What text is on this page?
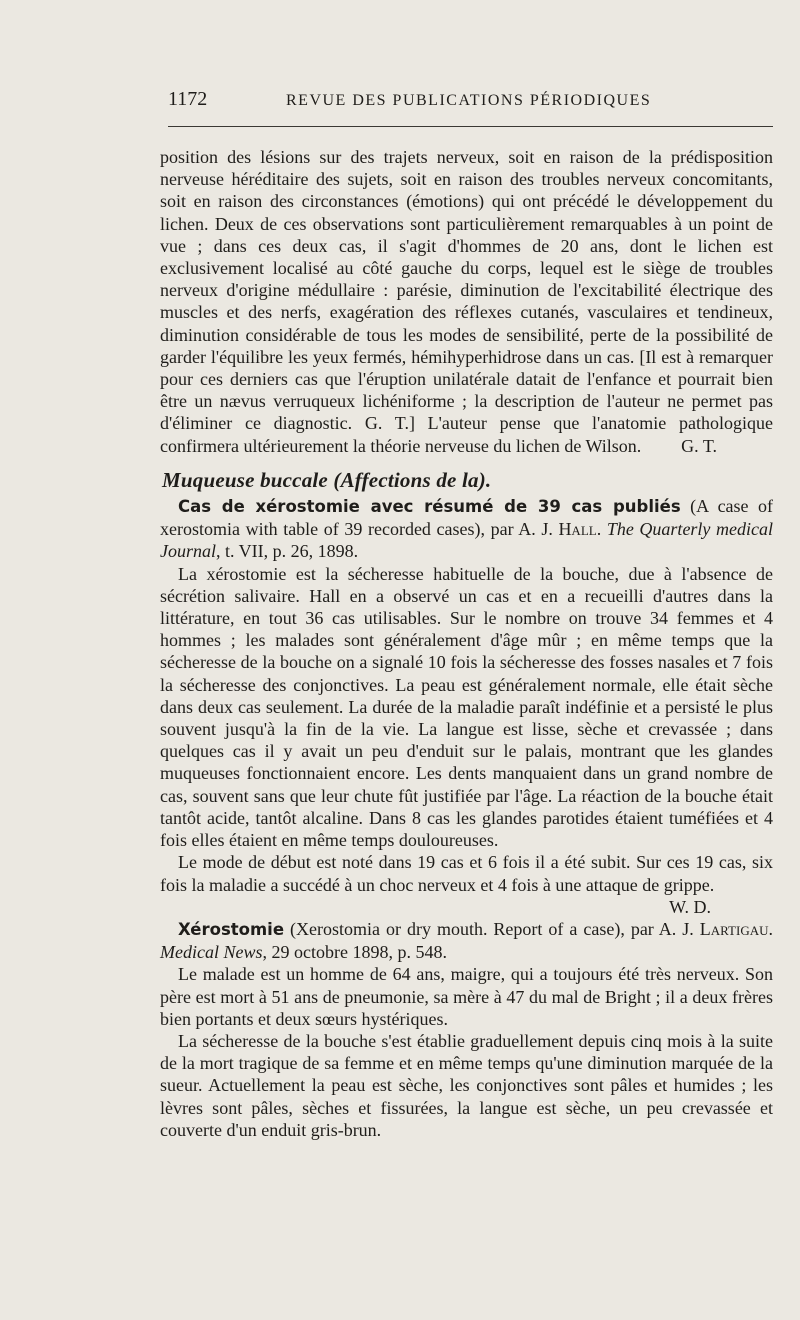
1172	REVUE DES PUBLICATIONS PÉRIODIQUES

position des lésions sur des trajets nerveux, soit en raison de la prédisposition nerveuse héréditaire des sujets, soit en raison des troubles nerveux concomitants, soit en raison des circonstances (émotions) qui ont précédé le développement du lichen. Deux de ces observations sont particulièrement remarquables à un point de vue ; dans ces deux cas, il s'agit d'hommes de 20 ans, dont le lichen est exclusivement localisé au côté gauche du corps, lequel est le siège de troubles nerveux d'origine médullaire : parésie, diminution de l'excitabilité électrique des muscles et des nerfs, exagération des réflexes cutanés, vasculaires et tendineux, diminution considérable de tous les modes de sensibilité, perte de la possibilité de garder l'équilibre les yeux fermés, hémihyperhidrose dans un cas. [Il est à remarquer pour ces derniers cas que l'éruption unilatérale datait de l'enfance et pourrait bien être un nævus verruqueux lichéniforme ; la description de l'auteur ne permet pas d'éliminer ce diagnostic. G. T.] L'auteur pense que l'anatomie pathologique confirmera ultérieurement la théorie nerveuse du lichen de Wilson. G. T.

Muqueuse buccale (Affections de la).

Cas de xérostomie avec résumé de 39 cas publiés (A case of xerostomia with table of 39 recorded cases), par A. J. Hall. The Quarterly medical Journal, t. VII, p. 26, 1898.

La xérostomie est la sécheresse habituelle de la bouche, due à l'absence de sécrétion salivaire. Hall en a observé un cas et en a recueilli d'autres dans la littérature, en tout 36 cas utilisables. Sur le nombre on trouve 34 femmes et 4 hommes ; les malades sont généralement d'âge mûr ; en même temps que la sécheresse de la bouche on a signalé 10 fois la sécheresse des fosses nasales et 7 fois la sécheresse des conjonctives. La peau est généralement normale, elle était sèche dans deux cas seulement. La durée de la maladie paraît indéfinie et a persisté le plus souvent jusqu'à la fin de la vie. La langue est lisse, sèche et crevassée ; dans quelques cas il y avait un peu d'enduit sur le palais, montrant que les glandes muqueuses fonctionnaient encore. Les dents manquaient dans un grand nombre de cas, souvent sans que leur chute fût justifiée par l'âge. La réaction de la bouche était tantôt acide, tantôt alcaline. Dans 8 cas les glandes parotides étaient tuméfiées et 4 fois elles étaient en même temps douloureuses.

Le mode de début est noté dans 19 cas et 6 fois il a été subit. Sur ces 19 cas, six fois la maladie a succédé à un choc nerveux et 4 fois à une attaque de grippe.
W. D.

Xérostomie (Xerostomia or dry mouth. Report of a case), par A. J. Lartigau. Medical News, 29 octobre 1898, p. 548.

Le malade est un homme de 64 ans, maigre, qui a toujours été très nerveux. Son père est mort à 51 ans de pneumonie, sa mère à 47 du mal de Bright ; il a deux frères bien portants et deux sœurs hystériques.

La sécheresse de la bouche s'est établie graduellement depuis cinq mois à la suite de la mort tragique de sa femme et en même temps qu'une diminution marquée de la sueur. Actuellement la peau est sèche, les conjonctives sont pâles et humides ; les lèvres sont pâles, sèches et fissurées, la langue est sèche, un peu crevassée et couverte d'un enduit gris-brun.
